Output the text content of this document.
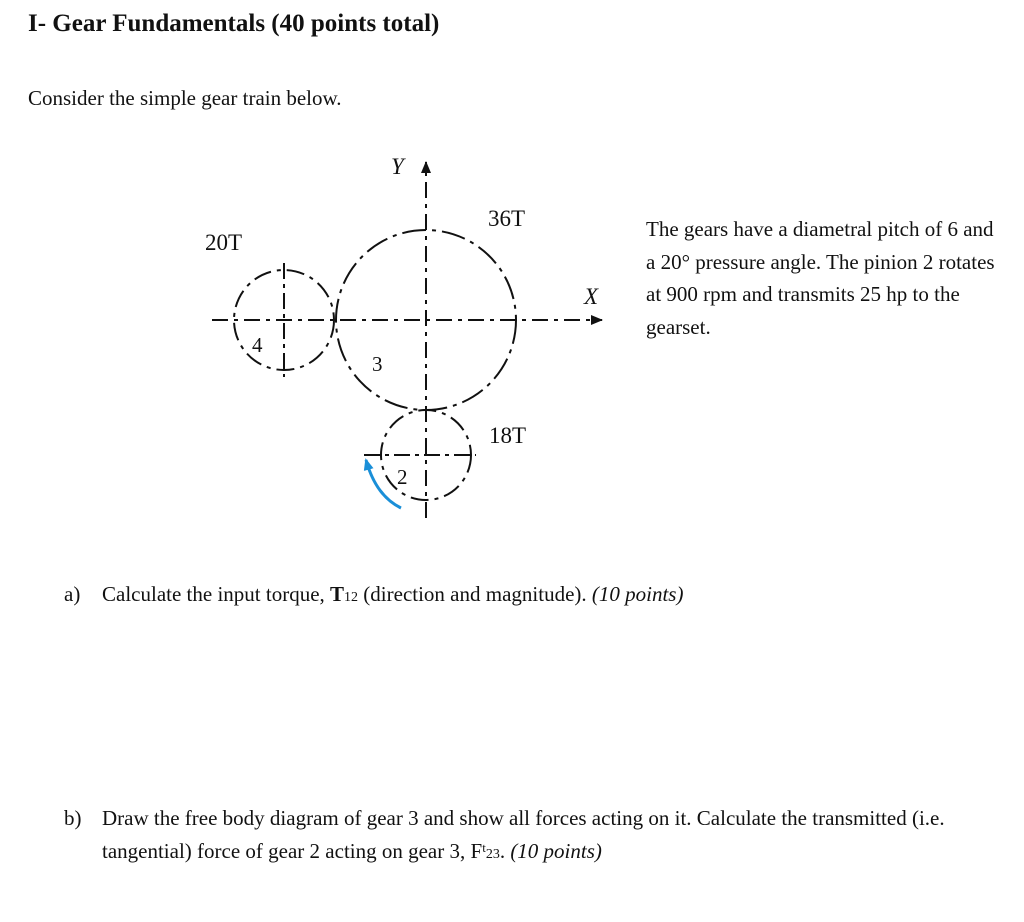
I- Gear Fundamentals (40 points total)

Consider the simple gear train below.

Y
X
20T
4
36T
3
18T
2

The gears have a diametral pitch of 6 and a 20° pressure angle. The pinion 2 rotates at 900 rpm and transmits 25 hp to the gearset.

a) Calculate the input torque, T12 (direction and magnitude). (10 points)
b) Draw the free body diagram of gear 3 and show all forces acting on it. Calculate the transmitted (i.e. tangential) force of gear 2 acting on gear 3, $F^t23$. (10 points)
